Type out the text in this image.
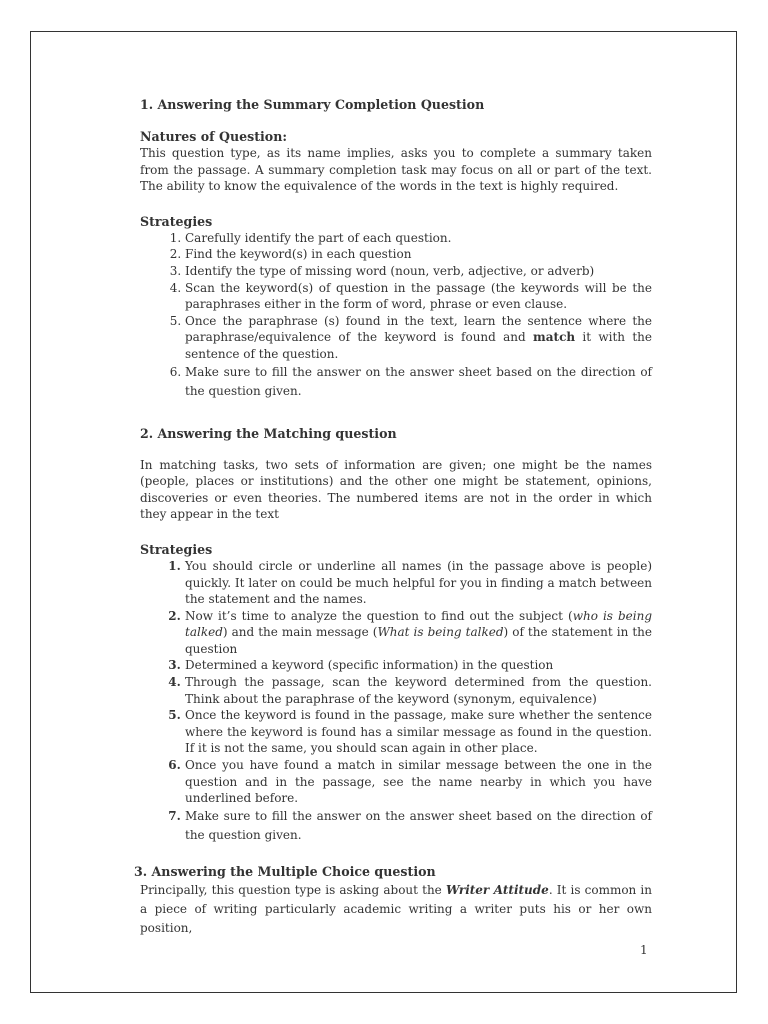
1. Answering the Summary Completion Question
Natures of Question:

This question type, as its name implies, asks you to complete a summary taken from the passage. A summary completion task may focus on all or part of the text. The ability to know the equivalence of the words in the text is highly required.

Strategies
1. Carefully identify the part of each question.
2. Find the keyword(s) in each question
3. Identify the type of missing word (noun, verb, adjective, or adverb)
4. Scan the keyword(s) of question in the passage (the keywords will be the paraphrases either in the form of word, phrase or even clause.
5. Once the paraphrase (s) found in the text, learn the sentence where the paraphrase/equivalence of the keyword is found and match it with the sentence of the question.
6. Make sure to fill the answer on the answer sheet based on the direction of the question given.
2. Answering the Matching question

In matching tasks, two sets of information are given; one might be the names (people, places or institutions) and the other one might be statement, opinions, discoveries or even theories. The numbered items are not in the order in which they appear in the text

Strategies
1. You should circle or underline all names (in the passage above is people) quickly. It later on could be much helpful for you in finding a match between the statement and the names.
2. Now it’s time to analyze the question to find out the subject (who is being talked) and the main message (What is being talked) of the statement in the question
3. Determined a keyword (specific information) in the question
4. Through the passage, scan the keyword determined from the question. Think about the paraphrase of the keyword (synonym, equivalence)
5. Once the keyword is found in the passage, make sure whether the sentence where the keyword is found has a similar message as found in the question. If it is not the same, you should scan again in other place.
6. Once you have found a match in similar message between the one in the question and in the passage, see the name nearby in which you have underlined before.
7. Make sure to fill the answer on the answer sheet based on the direction of the question given.
3. Answering the Multiple Choice question

Principally, this question type is asking about the Writer Attitude. It is common in a piece of writing particularly academic writing a writer puts his or her own position,

1
